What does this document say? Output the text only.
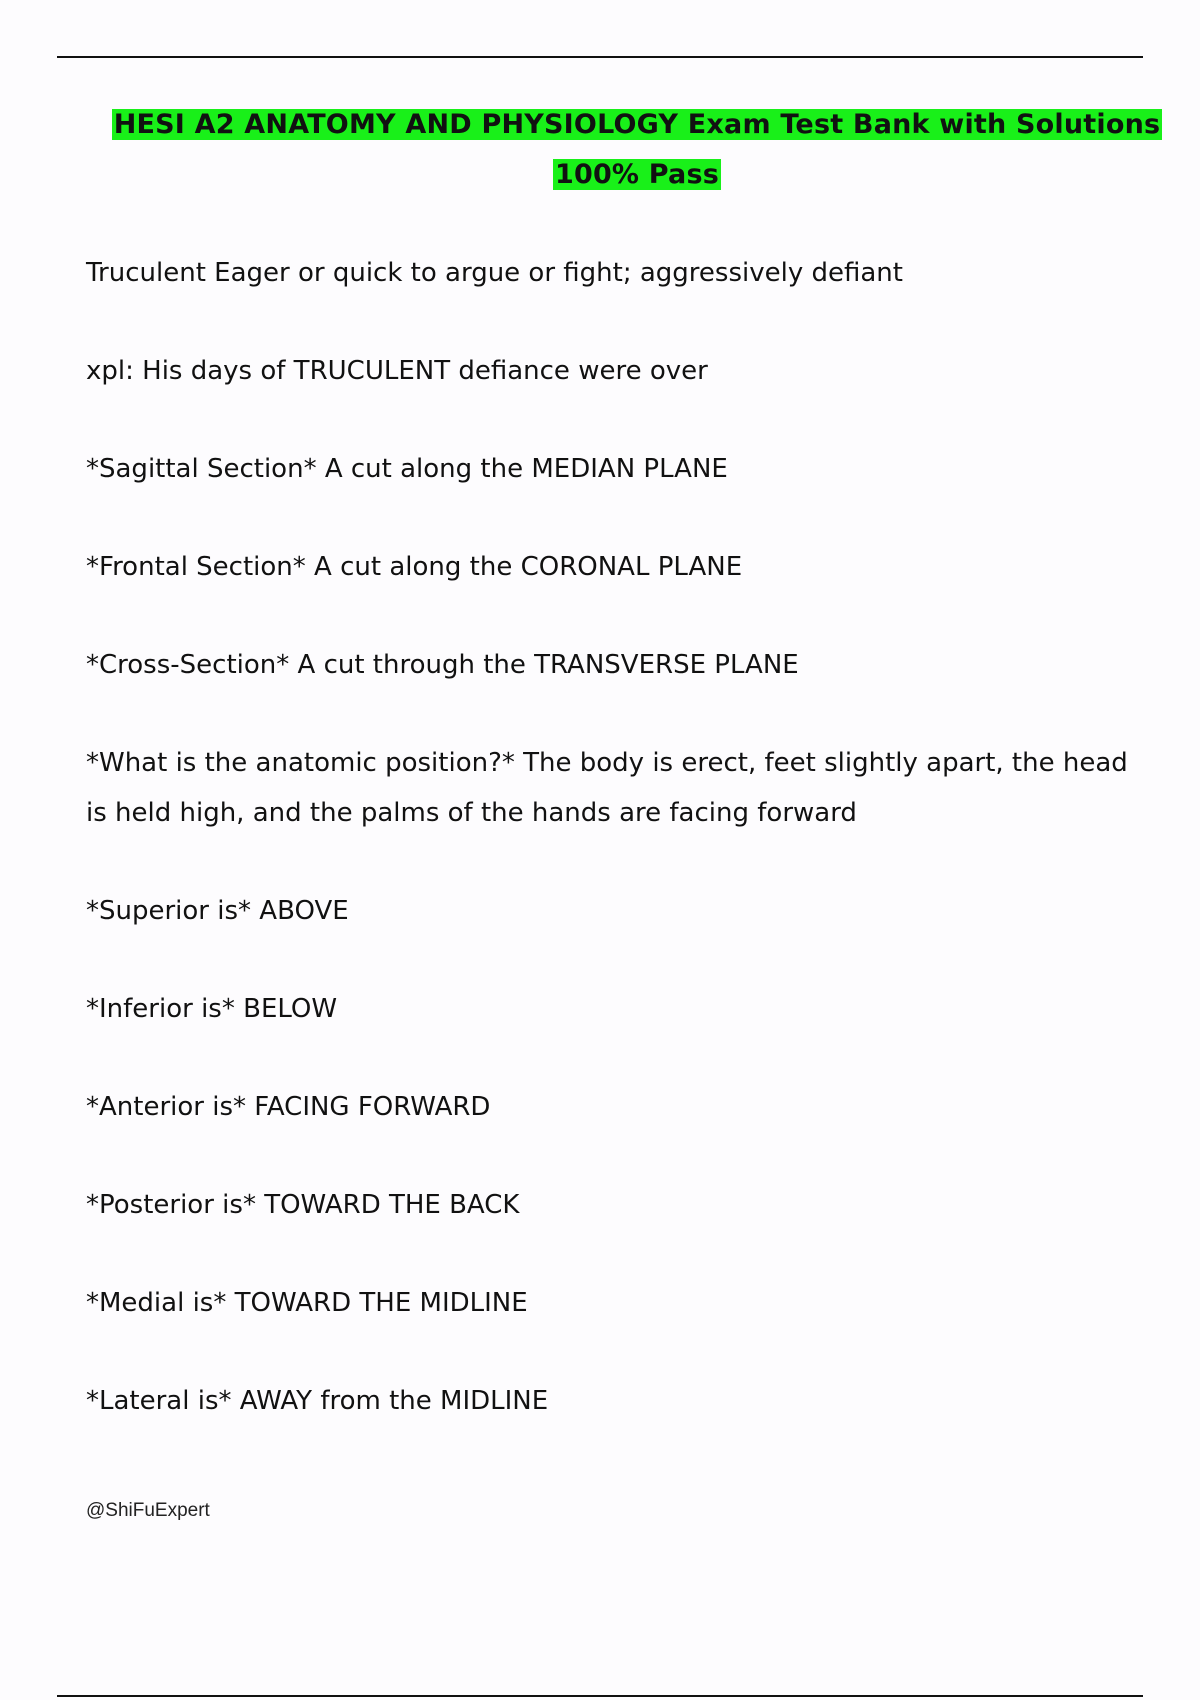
HESI A2 ANATOMY AND PHYSIOLOGY Exam Test Bank with Solutions
100% Pass
Truculent Eager or quick to argue or fight; aggressively defiant
xpl: His days of TRUCULENT defiance were over
*Sagittal Section* A cut along the MEDIAN PLANE
*Frontal Section* A cut along the CORONAL PLANE
*Cross-Section* A cut through the TRANSVERSE PLANE
*What is the anatomic position?* The body is erect, feet slightly apart, the head is held high, and the palms of the hands are facing forward
*Superior is* ABOVE
*Inferior is* BELOW
*Anterior is* FACING FORWARD
*Posterior is* TOWARD THE BACK
*Medial is* TOWARD THE MIDLINE
*Lateral is* AWAY from the MIDLINE
@ShiFuExpert
